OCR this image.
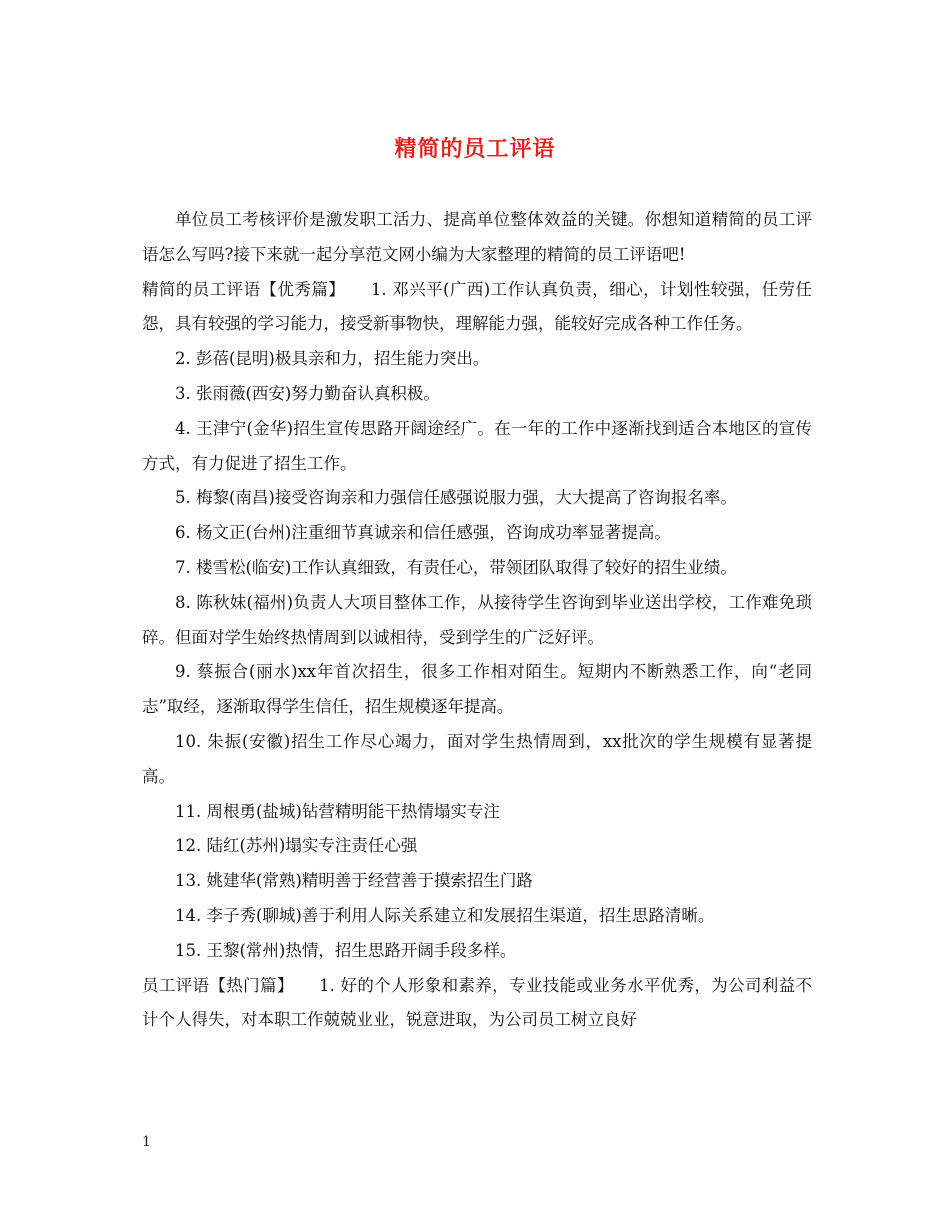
精简的员工评语

单位员工考核评价是激发职工活力、提高单位整体效益的关键。你想知道精简的员工评语怎么写吗?接下来就一起分享范文网小编为大家整理的精简的员工评语吧!

精简的员工评语【优秀篇】　　1. 邓兴平(广西)工作认真负责，细心，计划性较强，任劳任怨，具有较强的学习能力，接受新事物快，理解能力强，能较好完成各种工作任务。

2. 彭蓓(昆明)极具亲和力，招生能力突出。

3. 张雨薇(西安)努力勤奋认真积极。

4. 王津宁(金华)招生宣传思路开阔途经广。在一年的工作中逐渐找到适合本地区的宣传方式，有力促进了招生工作。

5. 梅黎(南昌)接受咨询亲和力强信任感强说服力强，大大提高了咨询报名率。

6. 杨文正(台州)注重细节真诚亲和信任感强，咨询成功率显著提高。

7. 楼雪松(临安)工作认真细致，有责任心，带领团队取得了较好的招生业绩。

8. 陈秋妹(福州)负责人大项目整体工作，从接待学生咨询到毕业送出学校，工作难免琐碎。但面对学生始终热情周到以诚相待，受到学生的广泛好评。

9. 蔡振合(丽水)xx年首次招生，很多工作相对陌生。短期内不断熟悉工作，向“老同志”取经，逐渐取得学生信任，招生规模逐年提高。

10. 朱振(安徽)招生工作尽心竭力，面对学生热情周到，xx批次的学生规模有显著提高。

11. 周根勇(盐城)钻营精明能干热情塌实专注

12. 陆红(苏州)塌实专注责任心强

13. 姚建华(常熟)精明善于经营善于摸索招生门路

14. 李子秀(聊城)善于利用人际关系建立和发展招生渠道，招生思路清晰。

15. 王黎(常州)热情，招生思路开阔手段多样。

员工评语【热门篇】　　1. 好的个人形象和素养，专业技能或业务水平优秀，为公司利益不计个人得失，对本职工作兢兢业业，锐意进取，为公司员工树立良好

1
